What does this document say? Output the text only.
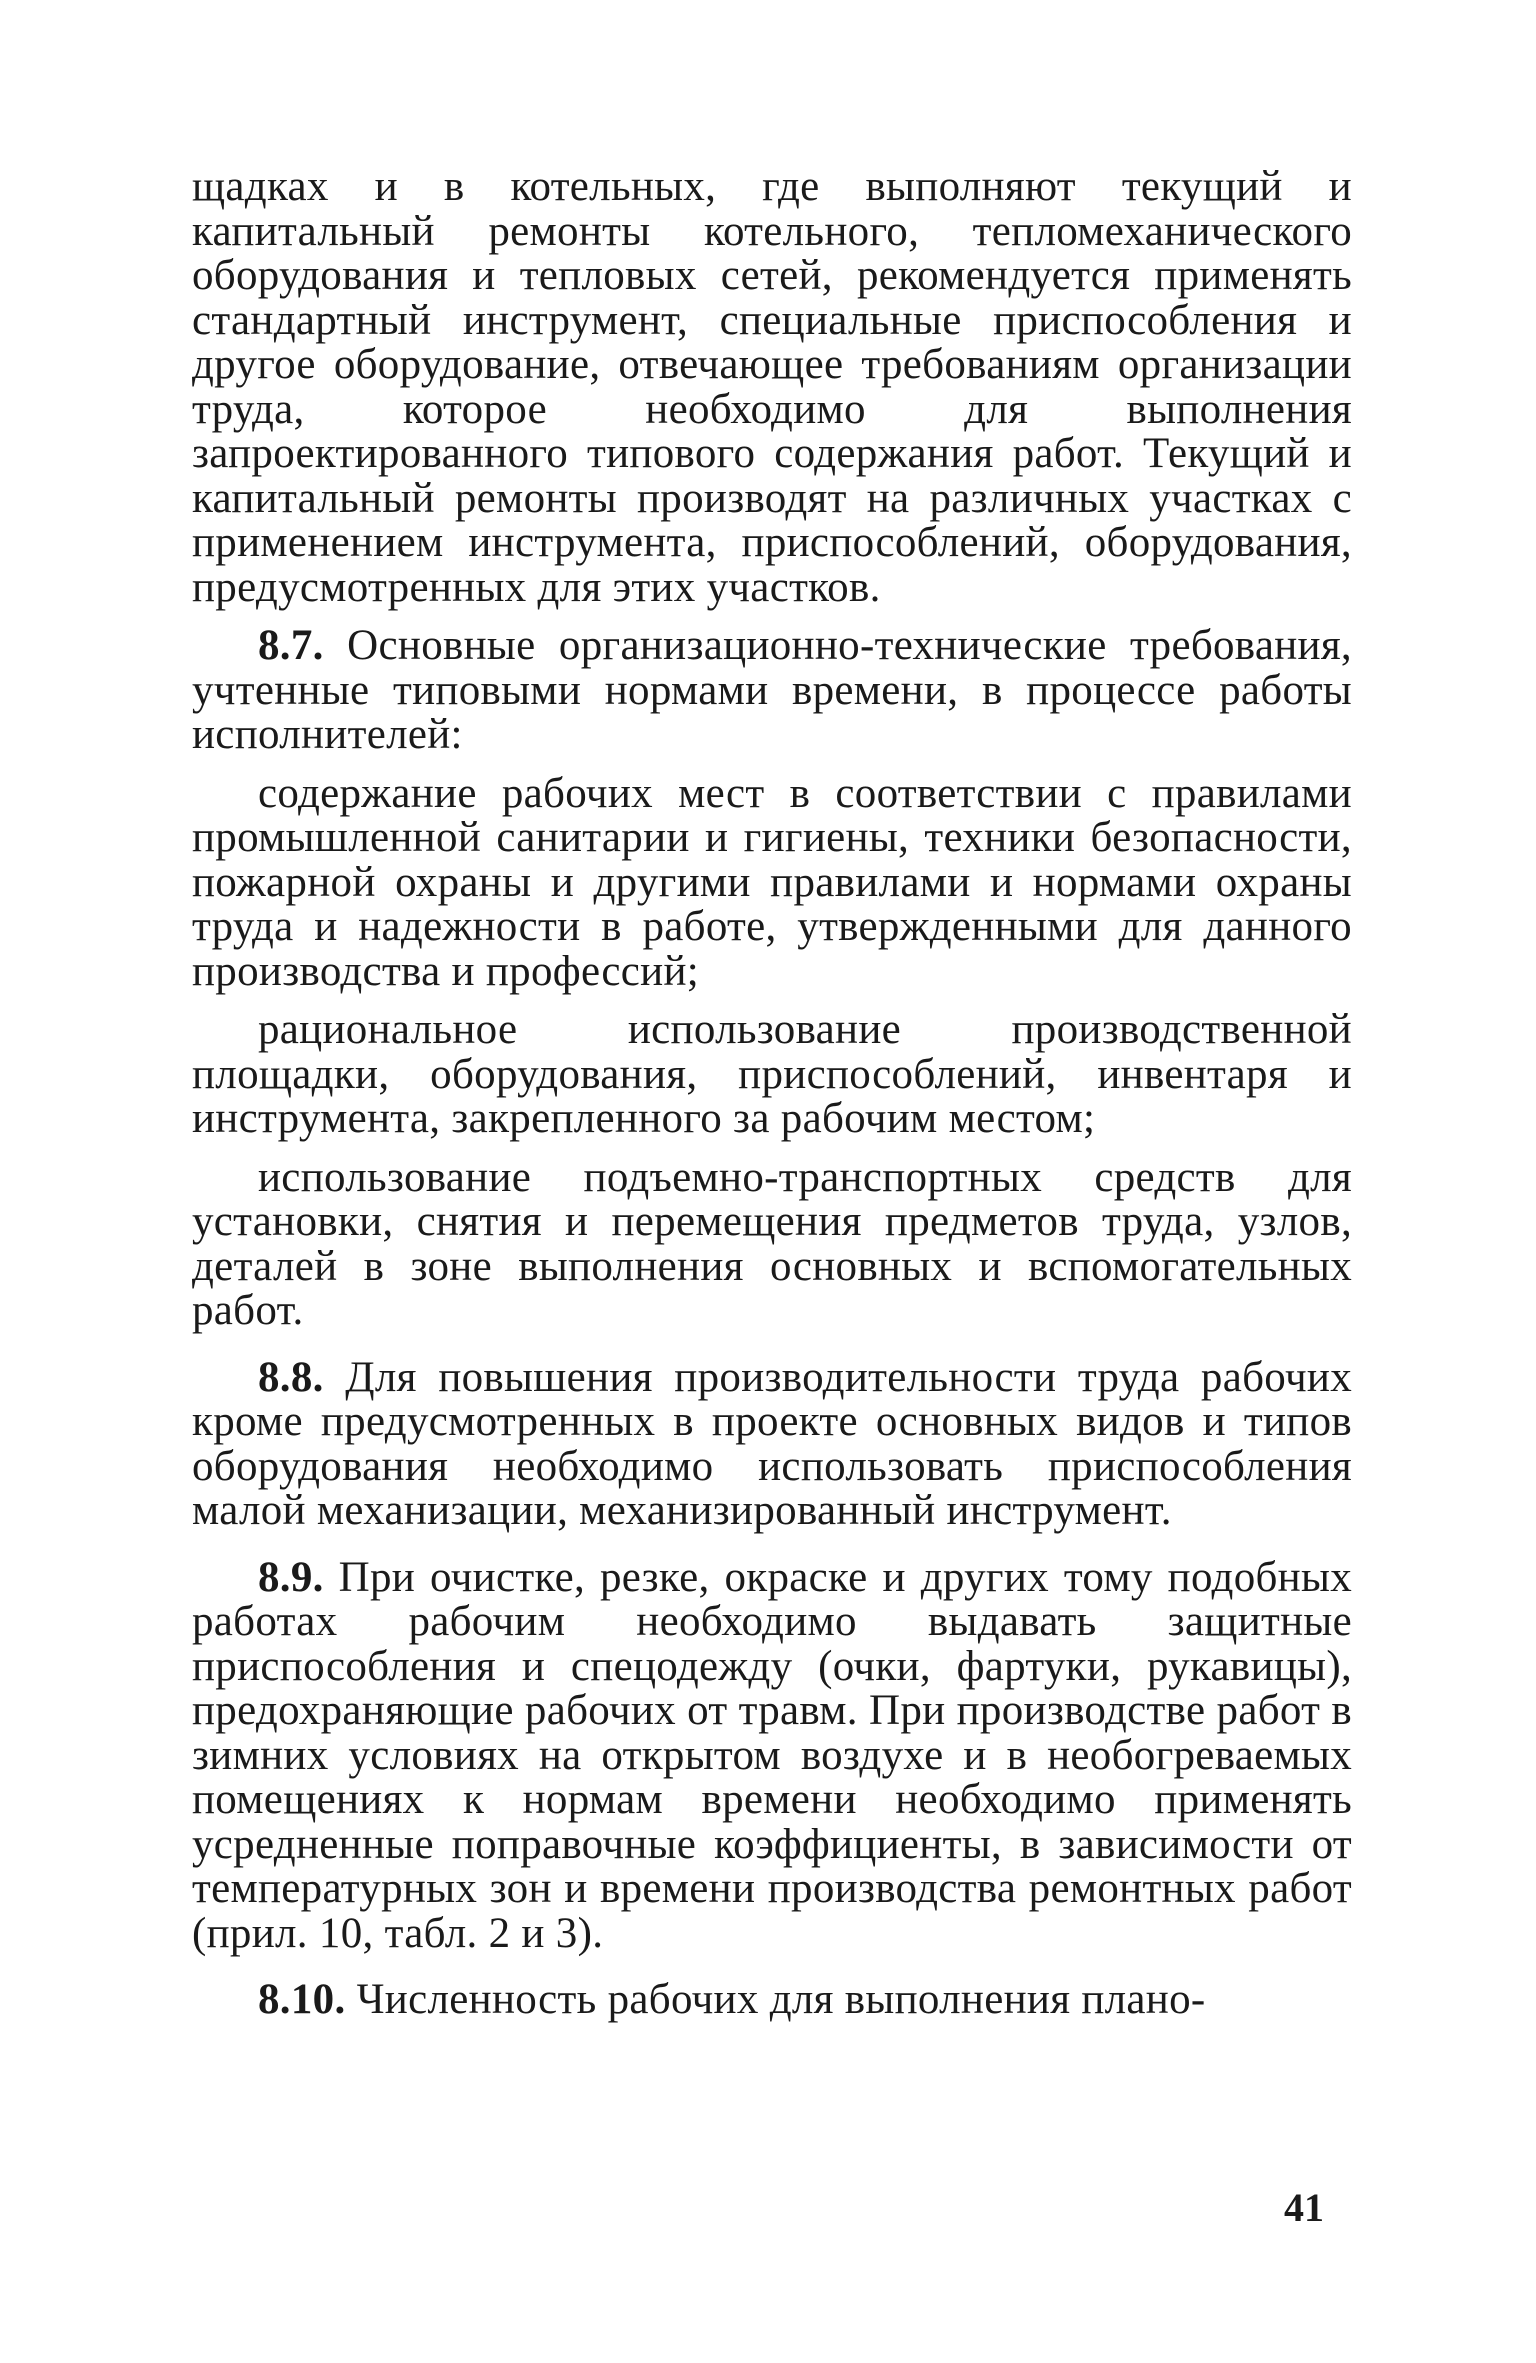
щадках и в котельных, где выполняют текущий и капитальный ремонты котельного, тепломеханического оборудования и тепловых сетей, рекомендуется применять стандартный инструмент, специальные приспособления и другое оборудование, отвечающее требованиям организации труда, которое необходимо для выполнения запроектированного типового содержания работ. Текущий и капитальный ремонты производят на различных участках с применением инструмента, приспособлений, оборудования, предусмотренных для этих участков.

8.7. Основные организационно-технические требования, учтенные типовыми нормами времени, в процессе работы исполнителей:

содержание рабочих мест в соответствии с правилами промышленной санитарии и гигиены, техники безопасности, пожарной охраны и другими правилами и нормами охраны труда и надежности в работе, утвержденными для данного производства и профессий;

рациональное использование производственной площадки, оборудования, приспособлений, инвентаря и инструмента, закрепленного за рабочим местом;

использование подъемно-транспортных средств для установки, снятия и перемещения предметов труда, узлов, деталей в зоне выполнения основных и вспомогательных работ.

8.8. Для повышения производительности труда рабочих кроме предусмотренных в проекте основных видов и типов оборудования необходимо использовать приспособления малой механизации, механизированный инструмент.

8.9. При очистке, резке, окраске и других тому подобных работах рабочим необходимо выдавать защитные приспособления и спецодежду (очки, фартуки, рукавицы), предохраняющие рабочих от травм. При производстве работ в зимних условиях на открытом воздухе и в необогреваемых помещениях к нормам времени необходимо применять усредненные поправочные коэффициенты, в зависимости от температурных зон и времени производства ремонтных работ (прил. 10, табл. 2 и 3).

8.10. Численность рабочих для выполнения плано-

41
